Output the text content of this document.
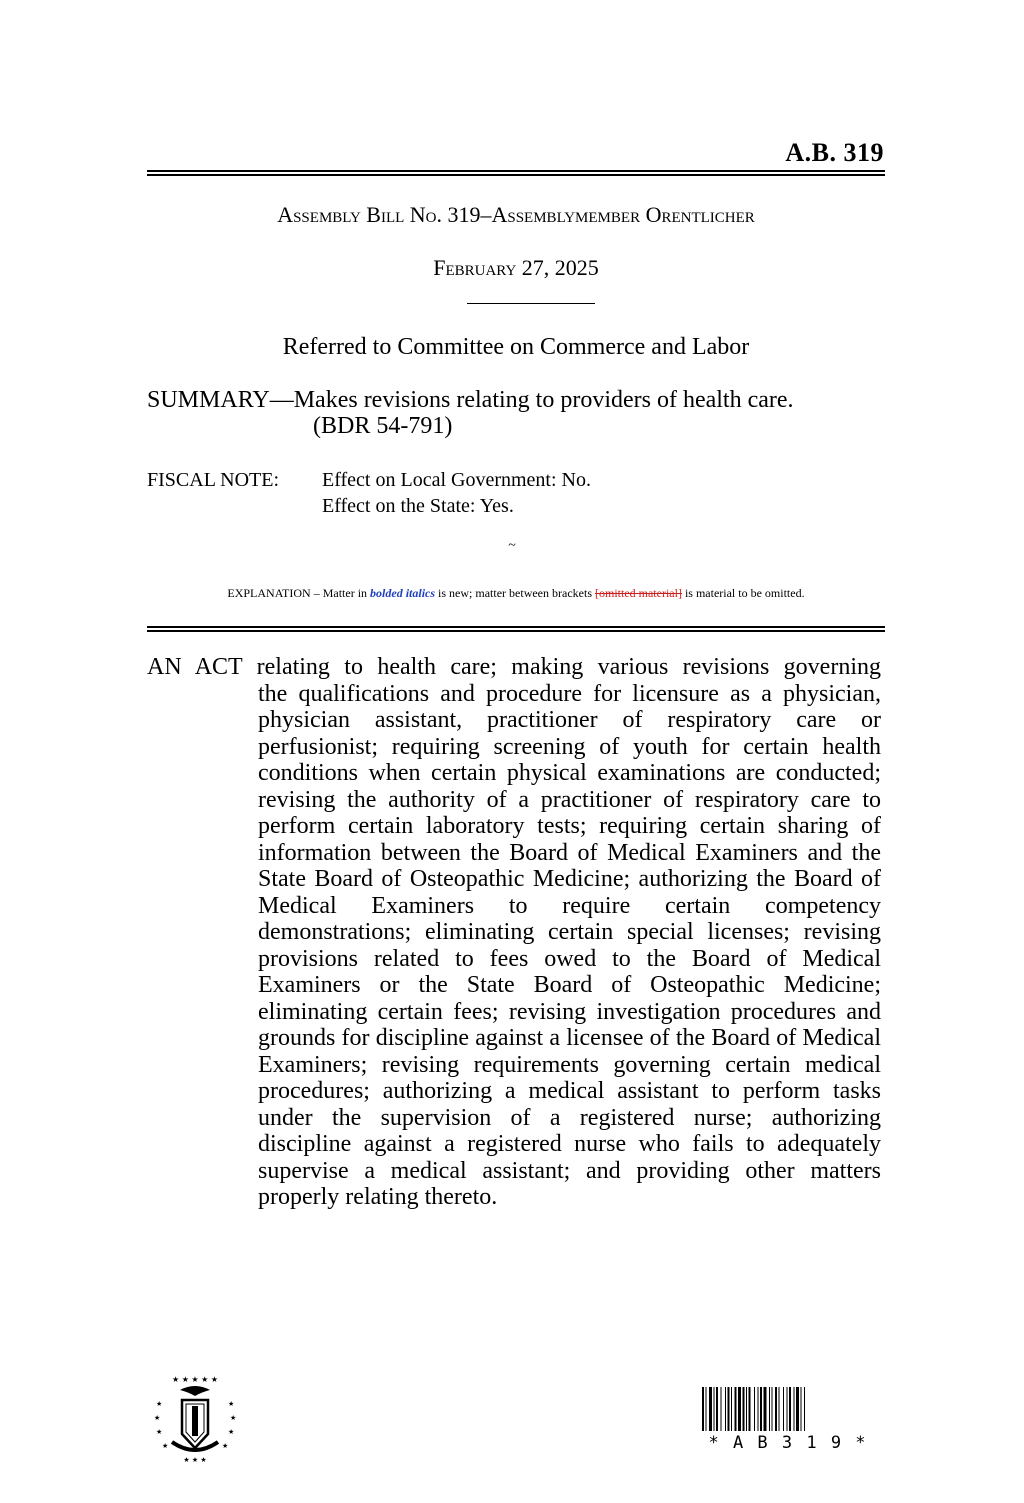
A.B. 319
Assembly Bill No. 319–Assemblymember Orentlicher
February 27, 2025
Referred to Committee on Commerce and Labor
SUMMARY—Makes revisions relating to providers of health care.
(BDR 54-791)
FISCAL NOTE: Effect on Local Government: No.
Effect on the State: Yes.
~
EXPLANATION – Matter in bolded italics is new; matter between brackets [omitted material] is material to be omitted.
AN ACT relating to health care; making various revisions governing
the qualifications and procedure for licensure as a physician, physician assistant, practitioner of respiratory care or perfusionist; requiring screening of youth for certain health conditions when certain physical examinations are conducted; revising the authority of a practitioner of respiratory care to perform certain laboratory tests; requiring certain sharing of information between the Board of Medical Examiners and the State Board of Osteopathic Medicine; authorizing the Board of Medical Examiners to require certain competency demonstrations; eliminating certain special licenses; revising provisions related to fees owed to the Board of Medical Examiners or the State Board of Osteopathic Medicine; eliminating certain fees; revising investigation procedures and grounds for discipline against a licensee of the Board of Medical Examiners; revising requirements governing certain medical procedures; authorizing a medical assistant to perform tasks under the supervision of a registered nurse; authorizing discipline against a registered nurse who fails to adequately supervise a medical assistant; and providing other matters properly relating thereto.
★ ★ ★ ★ ★
★
★
★
★
★
★
★
★
★ ★ ★
* A B 3 1 9 *
